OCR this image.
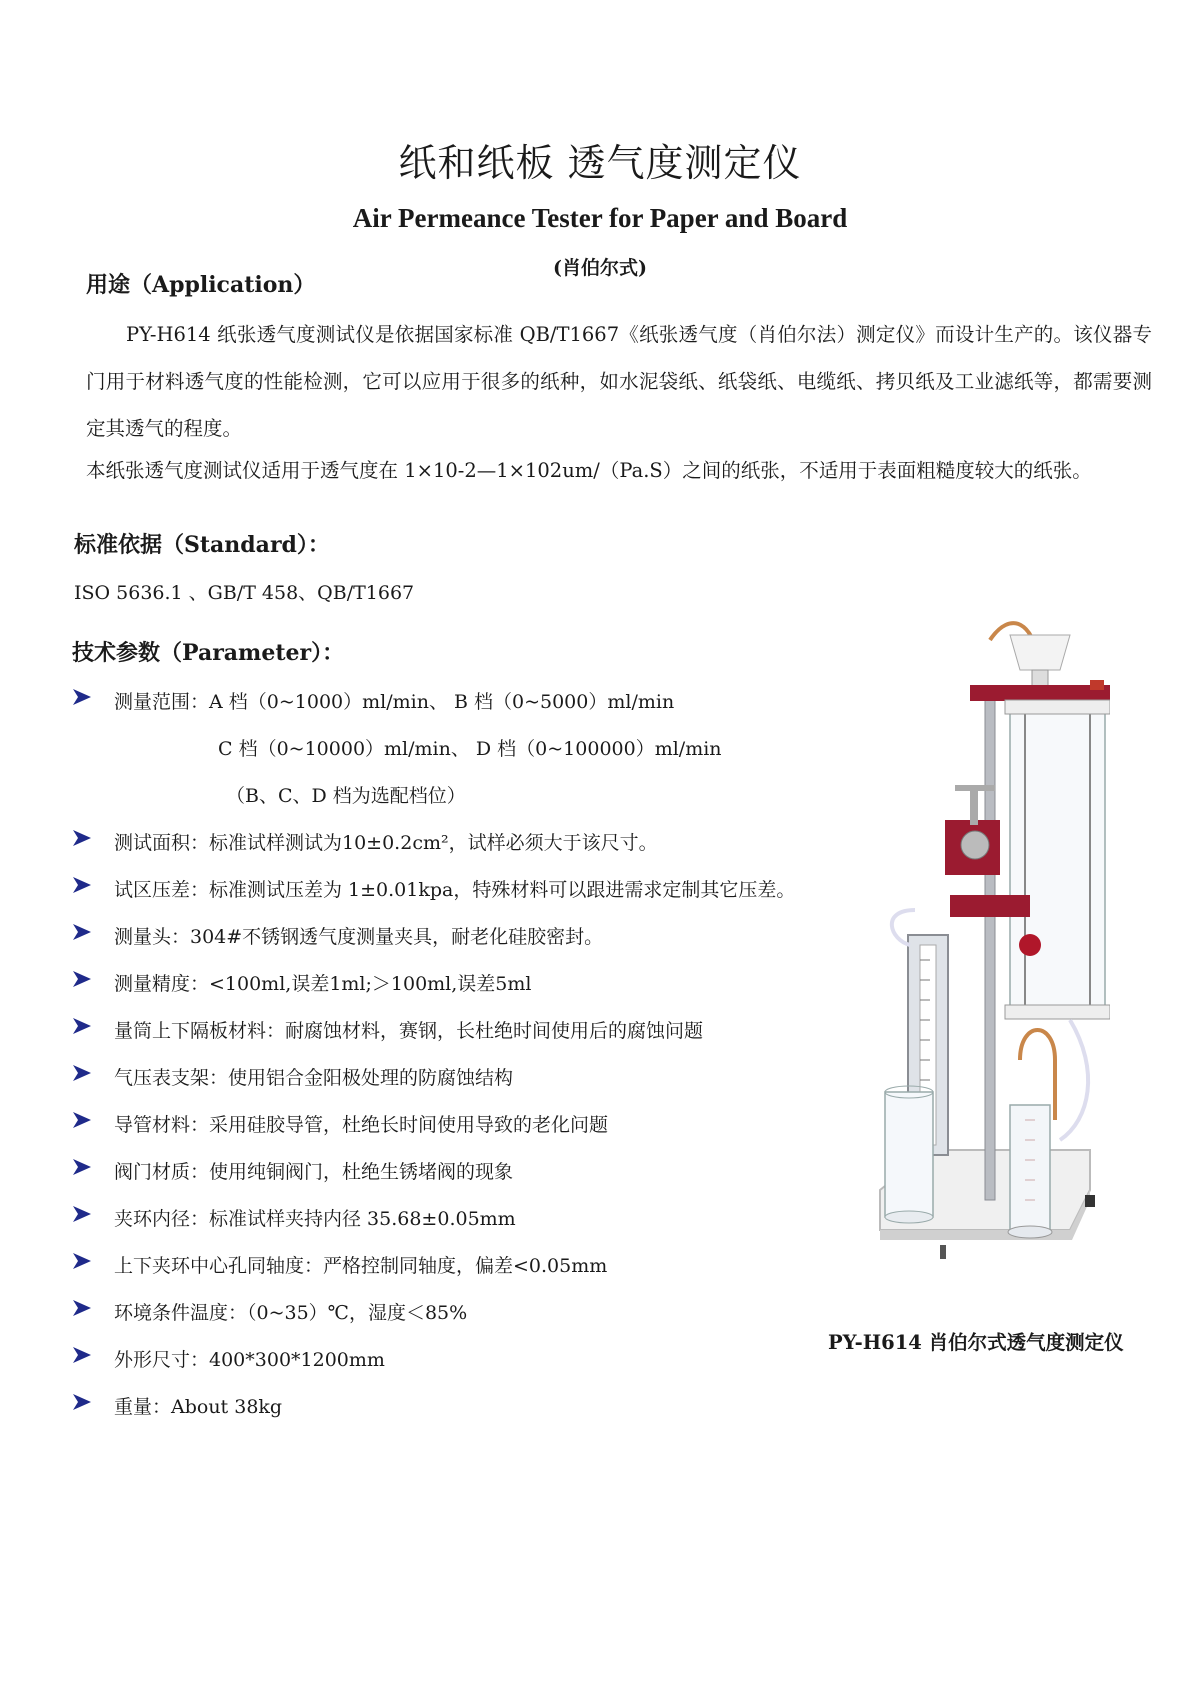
纸和纸板 透气度测定仪
Air Permeance Tester for Paper and Board
(肖伯尔式)
用途（Application）
PY-H614 纸张透气度测试仪是依据国家标准 QB/T1667《纸张透气度（肖伯尔法）测定仪》而设计生产的。该仪器专门用于材料透气度的性能检测，它可以应用于很多的纸种，如水泥袋纸、纸袋纸、电缆纸、拷贝纸及工业滤纸等，都需要测定其透气的程度。
本纸张透气度测试仪适用于透气度在 1×10-2—1×102um/（Pa.S）之间的纸张，不适用于表面粗糙度较大的纸张。
标准依据（Standard）：
ISO 5636.1 、GB/T 458、QB/T1667
技术参数（Parameter）：
测量范围：A 档（0~1000）ml/min、 B 档（0~5000）ml/min
测试面积：标准试样测试为10±0.2cm²，试样必须大于该尺寸。
试区压差：标准测试压差为 1±0.01kpa，特殊材料可以跟进需求定制其它压差。
测量头：304#不锈钢透气度测量夹具，耐老化硅胶密封。
测量精度：<100ml,误差1ml;＞100ml,误差5ml
量筒上下隔板材料：耐腐蚀材料，赛钢，长杜绝时间使用后的腐蚀问题
气压表支架：使用铝合金阳极处理的防腐蚀结构
导管材料：采用硅胶导管，杜绝长时间使用导致的老化问题
阀门材质：使用纯铜阀门，杜绝生锈堵阀的现象
夹环内径：标准试样夹持内径 35.68±0.05mm
上下夹环中心孔同轴度：严格控制同轴度，偏差<0.05mm
环境条件温度：（0~35）℃，湿度＜85%
外形尺寸：400*300*1200mm
重量：About 38kg
C 档（0~10000）ml/min、 D 档（0~100000）ml/min
（B、C、D 档为选配档位）
PY-H614 肖伯尔式透气度测定仪
